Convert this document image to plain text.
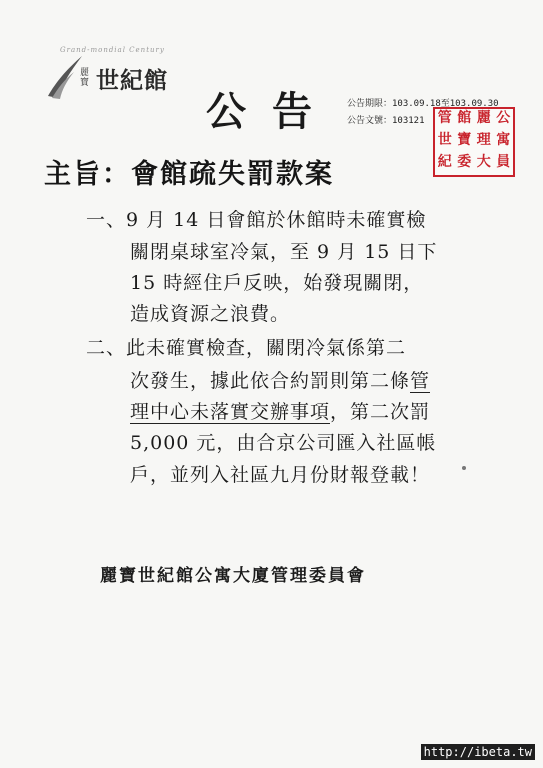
Grand-mondial Century
麗寶 世紀館
公告 公告期限：103.09.18至103.09.30
公告文號：103121 管 館 麗 公
世 寶 理 寓
紀 委 大 員
主旨：會館疏失罰款案
一、9 月 14 日會館於休館時未確實檢
關閉桌球室冷氣，至 9 月 15 日下
15 時經住戶反映，始發現關閉，
造成資源之浪費。
二、此未確實檢查，關閉冷氣係第二
次發生，據此依合約罰則第二條管
理中心未落實交辦事項，第二次罰
5,000 元，由合京公司匯入社區帳
戶，並列入社區九月份財報登載！
麗寶世紀館公寓大廈管理委員會
http://ibeta.tw
